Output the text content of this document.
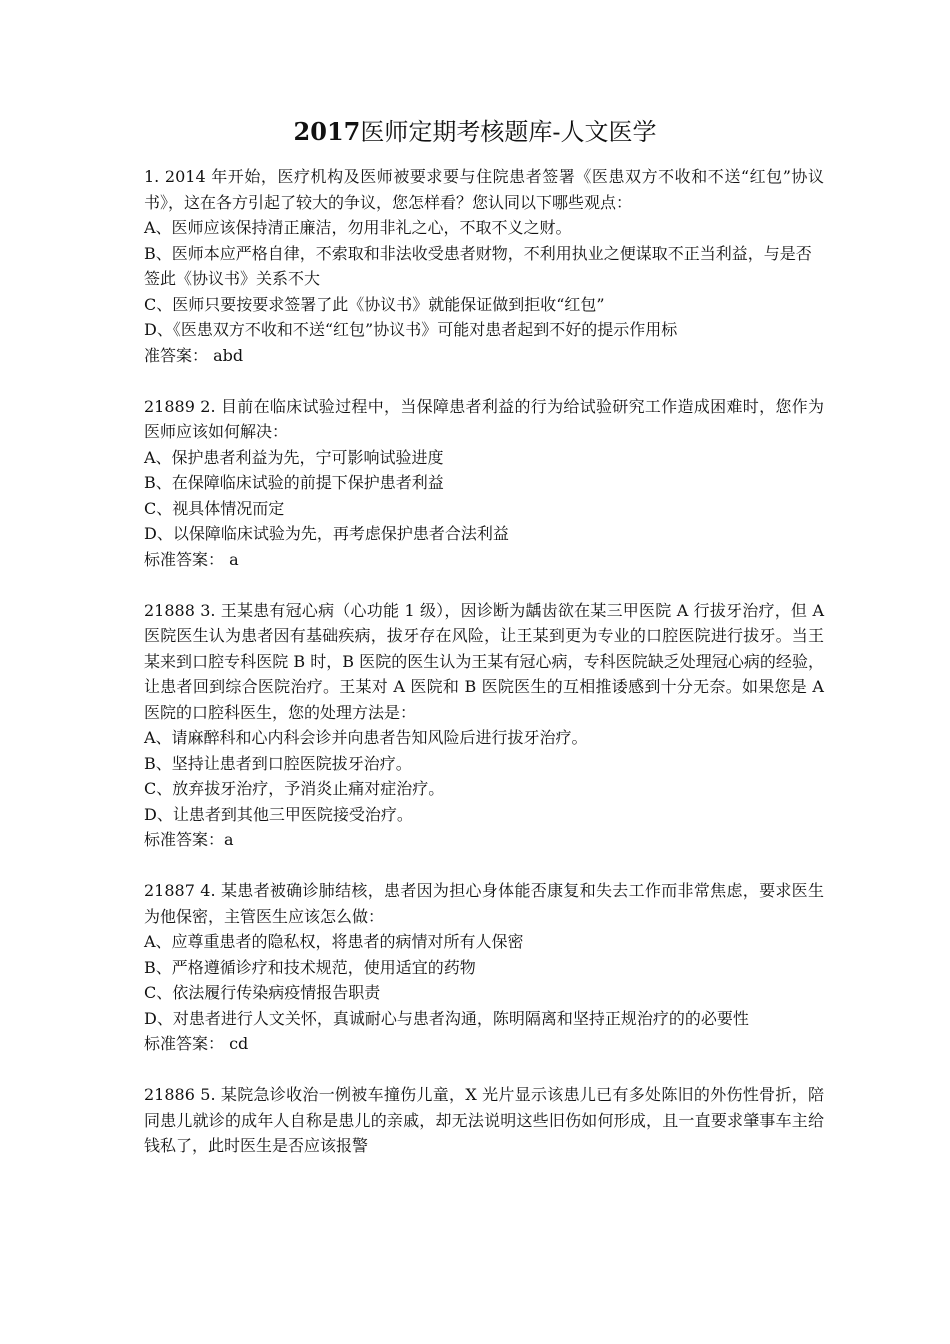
2017医师定期考核题库-人文医学
1. 2014 年开始，医疗机构及医师被要求要与住院患者签署《医患双方不收和不送“红包”协议书》，这在各方引起了较大的争议，您怎样看？您认同以下哪些观点：
A、医师应该保持清正廉洁，勿用非礼之心，不取不义之财。
B、医师本应严格自律，不索取和非法收受患者财物，不利用执业之便谋取不正当利益，与是否签此《协议书》关系不大
C、医师只要按要求签署了此《协议书》就能保证做到拒收“红包”
D、《医患双方不收和不送“红包”协议书》可能对患者起到不好的提示作用标
准答案： abd
21889 2. 目前在临床试验过程中，当保障患者利益的行为给试验研究工作造成困难时，您作为医师应该如何解决：
A、保护患者利益为先，宁可影响试验进度
B、在保障临床试验的前提下保护患者利益
C、视具体情况而定
D、以保障临床试验为先，再考虑保护患者合法利益
标准答案： a
21888 3. 王某患有冠心病（心功能 1 级），因诊断为龋齿欲在某三甲医院 A 行拔牙治疗，但 A 医院医生认为患者因有基础疾病，拔牙存在风险，让王某到更为专业的口腔医院进行拔牙。当王某来到口腔专科医院 B 时，B 医院的医生认为王某有冠心病，专科医院缺乏处理冠心病的经验，让患者回到综合医院治疗。王某对 A 医院和 B 医院医生的互相推诿感到十分无奈。如果您是 A 医院的口腔科医生，您的处理方法是：
A、请麻醉科和心内科会诊并向患者告知风险后进行拔牙治疗。
B、坚持让患者到口腔医院拔牙治疗。
C、放弃拔牙治疗，予消炎止痛对症治疗。
D、让患者到其他三甲医院接受治疗。
标准答案：a
21887 4. 某患者被确诊肺结核，患者因为担心身体能否康复和失去工作而非常焦虑，要求医生为他保密，主管医生应该怎么做：
A、应尊重患者的隐私权，将患者的病情对所有人保密
B、严格遵循诊疗和技术规范，使用适宜的药物
C、依法履行传染病疫情报告职责
D、对患者进行人文关怀，真诚耐心与患者沟通，陈明隔离和坚持正规治疗的的必要性
标准答案： cd
21886 5. 某院急诊收治一例被车撞伤儿童，X 光片显示该患儿已有多处陈旧的外伤性骨折，陪同患儿就诊的成年人自称是患儿的亲戚，却无法说明这些旧伤如何形成，且一直要求肇事车主给钱私了，此时医生是否应该报警
